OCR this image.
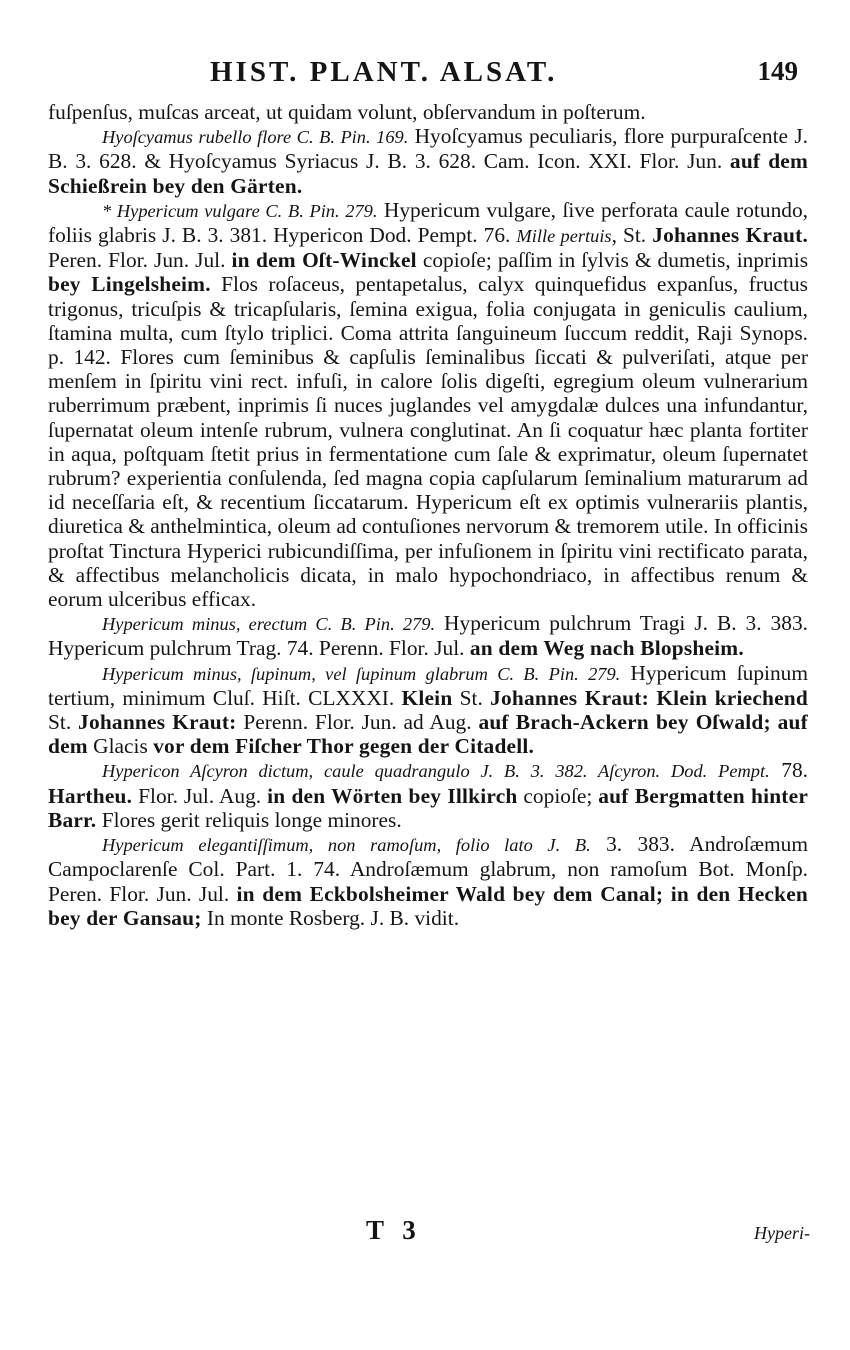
HIST. PLANT. ALSAT.	149

fuſpenſus, muſcas arceat, ut quidam volunt, obſervandum in poſterum.

Hyoſcyamus rubello flore C. B. Pin. 169. Hyoſcyamus peculiaris, flore purpuraſcente J. B. 3. 628. & Hyoſcyamus Syriacus J. B. 3. 628. Cam. Icon. XXI. Flor. Jun. auf dem Schießrein bey den Gärten.

* Hypericum vulgare C. B. Pin. 279. Hypericum vulgare, ſive perforata caule rotundo, foliis glabris J. B. 3. 381. Hypericon Dod. Pempt. 76. Mille pertuis, St. Johannes Kraut. Peren. Flor. Jun. Jul. in dem Oſt-Winckel copioſe; paſſim in ſylvis & dumetis, inprimis bey Lingelsheim. Flos roſaceus, pentapetalus, calyx quinquefidus expanſus, fructus trigonus, tricuſpis & tricapſularis, ſemina exigua, folia conjugata in geniculis caulium, ſtamina multa, cum ſtylo triplici. Coma attrita ſanguineum ſuccum reddit, Raji Synops. p. 142. Flores cum ſeminibus & capſulis ſeminalibus ſiccati & pulveriſati, atque per menſem in ſpiritu vini rect. infuſi, in calore ſolis digeſti, egregium oleum vulnerarium ruberrimum præbent, inprimis ſi nuces juglandes vel amygdalæ dulces una infundantur, ſupernatat oleum intenſe rubrum, vulnera conglutinat. An ſi coquatur hæc planta fortiter in aqua, poſtquam ſtetit prius in fermentatione cum ſale & exprimatur, oleum ſupernatet rubrum? experientia conſulenda, ſed magna copia capſularum ſeminalium maturarum ad id neceſſaria eſt, & recentium ſiccatarum. Hypericum eſt ex optimis vulnerariis plantis, diuretica & anthelmintica, oleum ad contuſiones nervorum & tremorem utile. In officinis proſtat Tinctura Hyperici rubicundiſſima, per infuſionem in ſpiritu vini rectificato parata, & affectibus melancholicis dicata, in malo hypochondriaco, in affectibus renum & eorum ulceribus efficax.

Hypericum minus, erectum C. B. Pin. 279. Hypericum pulchrum Tragi J. B. 3. 383. Hypericum pulchrum Trag. 74. Perenn. Flor. Jul. an dem Weg nach Blopsheim.

Hypericum minus, ſupinum, vel ſupinum glabrum C. B. Pin. 279. Hypericum ſupinum tertium, minimum Cluſ. Hiſt. CLXXXI. Klein St. Johannes Kraut: Klein kriechend St. Johannes Kraut: Perenn. Flor. Jun. ad Aug. auf Brach-Ackern bey Oſwald; auf dem Glacis vor dem Fiſcher Thor gegen der Citadell.

Hypericon Aſcyron dictum, caule quadrangulo J. B. 3. 382. Aſcyron. Dod. Pempt. 78. Hartheu. Flor. Jul. Aug. in den Wörten bey Illkirch copioſe; auf Bergmatten hinter Barr. Flores gerit reliquis longe minores.

Hypericum elegantiſſimum, non ramoſum, folio lato J. B. 3. 383. Androſæmum Campoclarenſe Col. Part. 1. 74. Androſæmum glabrum, non ramoſum Bot. Monſp. Peren. Flor. Jun. Jul. in dem Eckbolsheimer Wald bey dem Canal; in den Hecken bey der Gansau; In monte Rosberg. J. B. vidit.

T 3	Hyperi-
